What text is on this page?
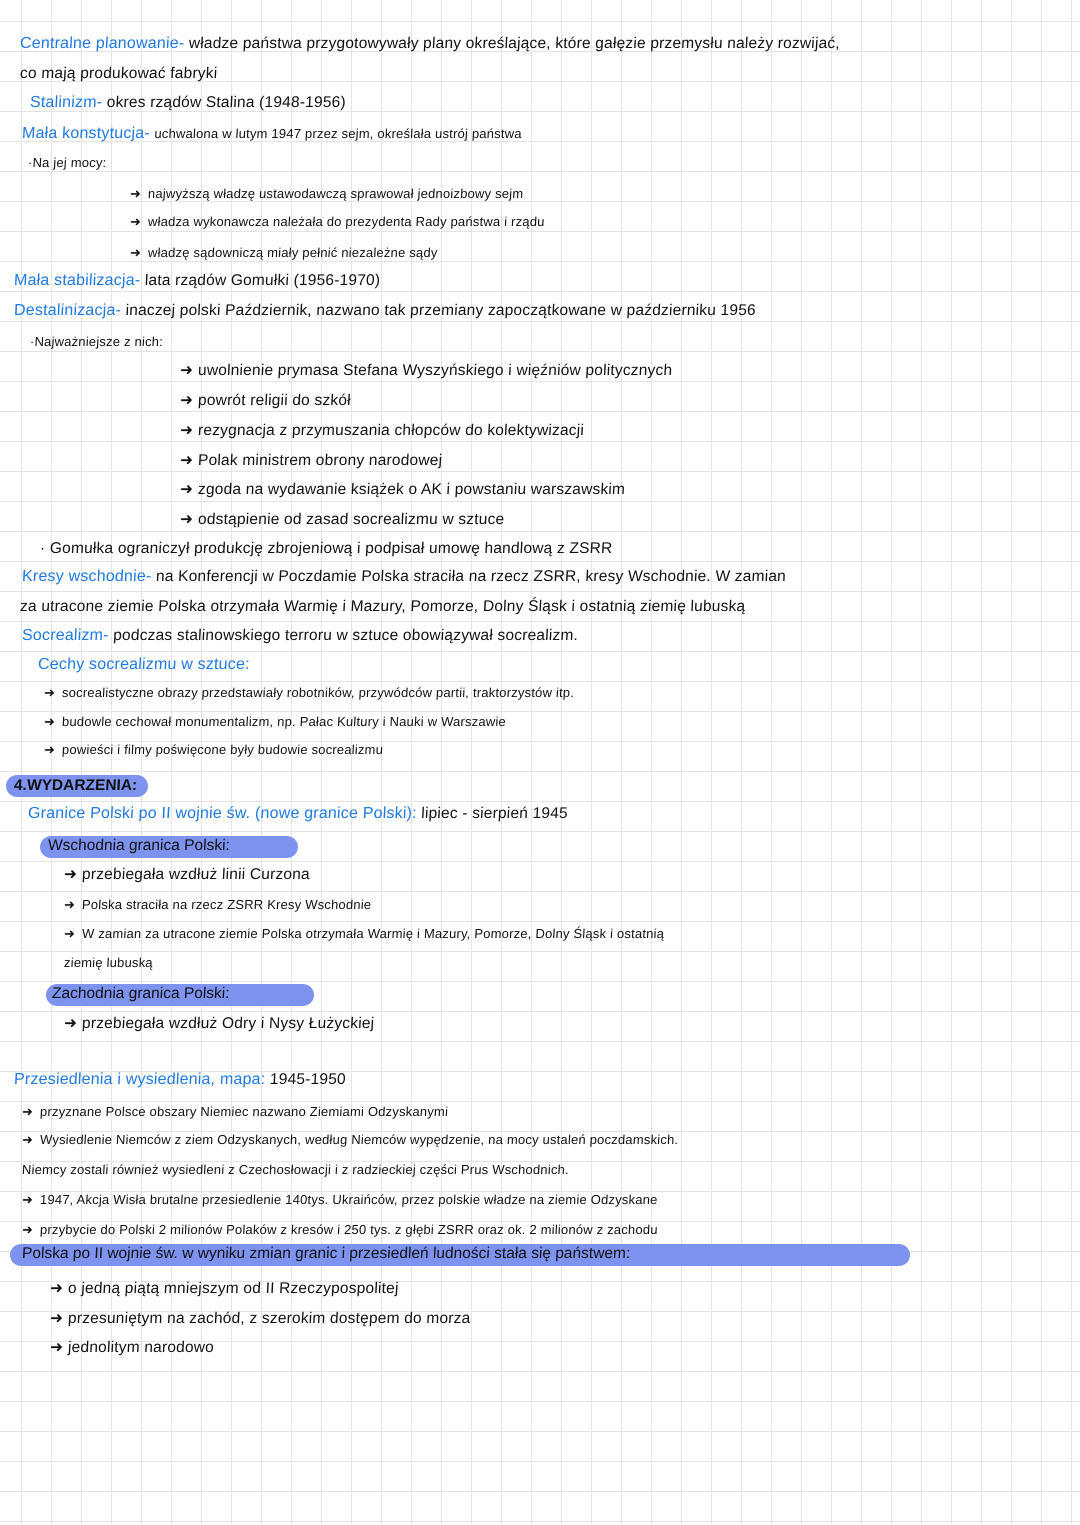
Centralne planowanie- władze państwa przygotowywały plany określające, które gałęzie przemysłu należy rozwijać,
co mają produkować fabryki
Stalinizm- okres rządów Stalina (1948-1956)
Mała konstytucja- uchwalona w lutym 1947 przez sejm, określała ustrój państwa
·Na jej mocy:
➜ najwyższą władzę ustawodawczą sprawował jednoizbowy sejm
➜ władza wykonawcza należała do prezydenta Rady państwa i rządu
➜ władzę sądowniczą miały pełnić niezależne sądy
Mała stabilizacja- lata rządów Gomułki (1956-1970)
Destalinizacja- inaczej polski Październik, nazwano tak przemiany zapoczątkowane w październiku 1956
·Najważniejsze z nich:
➜ uwolnienie prymasa Stefana Wyszyńskiego i więźniów politycznych
➜ powrót religii do szkół
➜ rezygnacja z przymuszania chłopców do kolektywizacji
➜ Polak ministrem obrony narodowej
➜ zgoda na wydawanie książek o AK i powstaniu warszawskim
➜ odstąpienie od zasad socrealizmu w sztuce
· Gomułka ograniczył produkcję zbrojeniową i podpisał umowę handlową z ZSRR
Kresy wschodnie- na Konferencji w Poczdamie Polska straciła na rzecz ZSRR, kresy Wschodnie. W zamian
za utracone ziemie Polska otrzymała Warmię i Mazury, Pomorze, Dolny Śląsk i ostatnią ziemię lubuską
Socrealizm- podczas stalinowskiego terroru w sztuce obowiązywał socrealizm.
Cechy socrealizmu w sztuce:
➜ socrealistyczne obrazy przedstawiały robotników, przywódców partii, traktorzystów itp.
➜ budowle cechował monumentalizm, np. Pałac Kultury i Nauki w Warszawie
➜ powieści i filmy poświęcone były budowie socrealizmu
4.WYDARZENIA:
Granice Polski po II wojnie św. (nowe granice Polski): lipiec - sierpień 1945
Wschodnia granica Polski:
➜ przebiegała wzdłuż linii Curzona
➜ Polska straciła na rzecz ZSRR Kresy Wschodnie
➜ W zamian za utracone ziemie Polska otrzymała Warmię i Mazury, Pomorze, Dolny Śląsk i ostatnią
ziemię lubuską
Zachodnia granica Polski:
➜ przebiegała wzdłuż Odry i Nysy Łużyckiej
Przesiedlenia i wysiedlenia, mapa: 1945-1950
➜ przyznane Polsce obszary Niemiec nazwano Ziemiami Odzyskanymi
➜ Wysiedlenie Niemców z ziem Odzyskanych, według Niemców wypędzenie, na mocy ustaleń poczdamskich.
Niemcy zostali również wysiedleni z Czechosłowacji i z radzieckiej części Prus Wschodnich.
➜ 1947, Akcja Wisła brutalne przesiedlenie 140tys. Ukraińców, przez polskie władze na ziemie Odzyskane
➜ przybycie do Polski 2 milionów Polaków z kresów i 250 tys. z głębi ZSRR oraz ok. 2 milionów z zachodu
Polska po II wojnie św. w wyniku zmian granic i przesiedleń ludności stała się państwem:
➜ o jedną piątą mniejszym od II Rzeczypospolitej
➜ przesuniętym na zachód, z szerokim dostępem do morza
➜ jednolitym narodowo
